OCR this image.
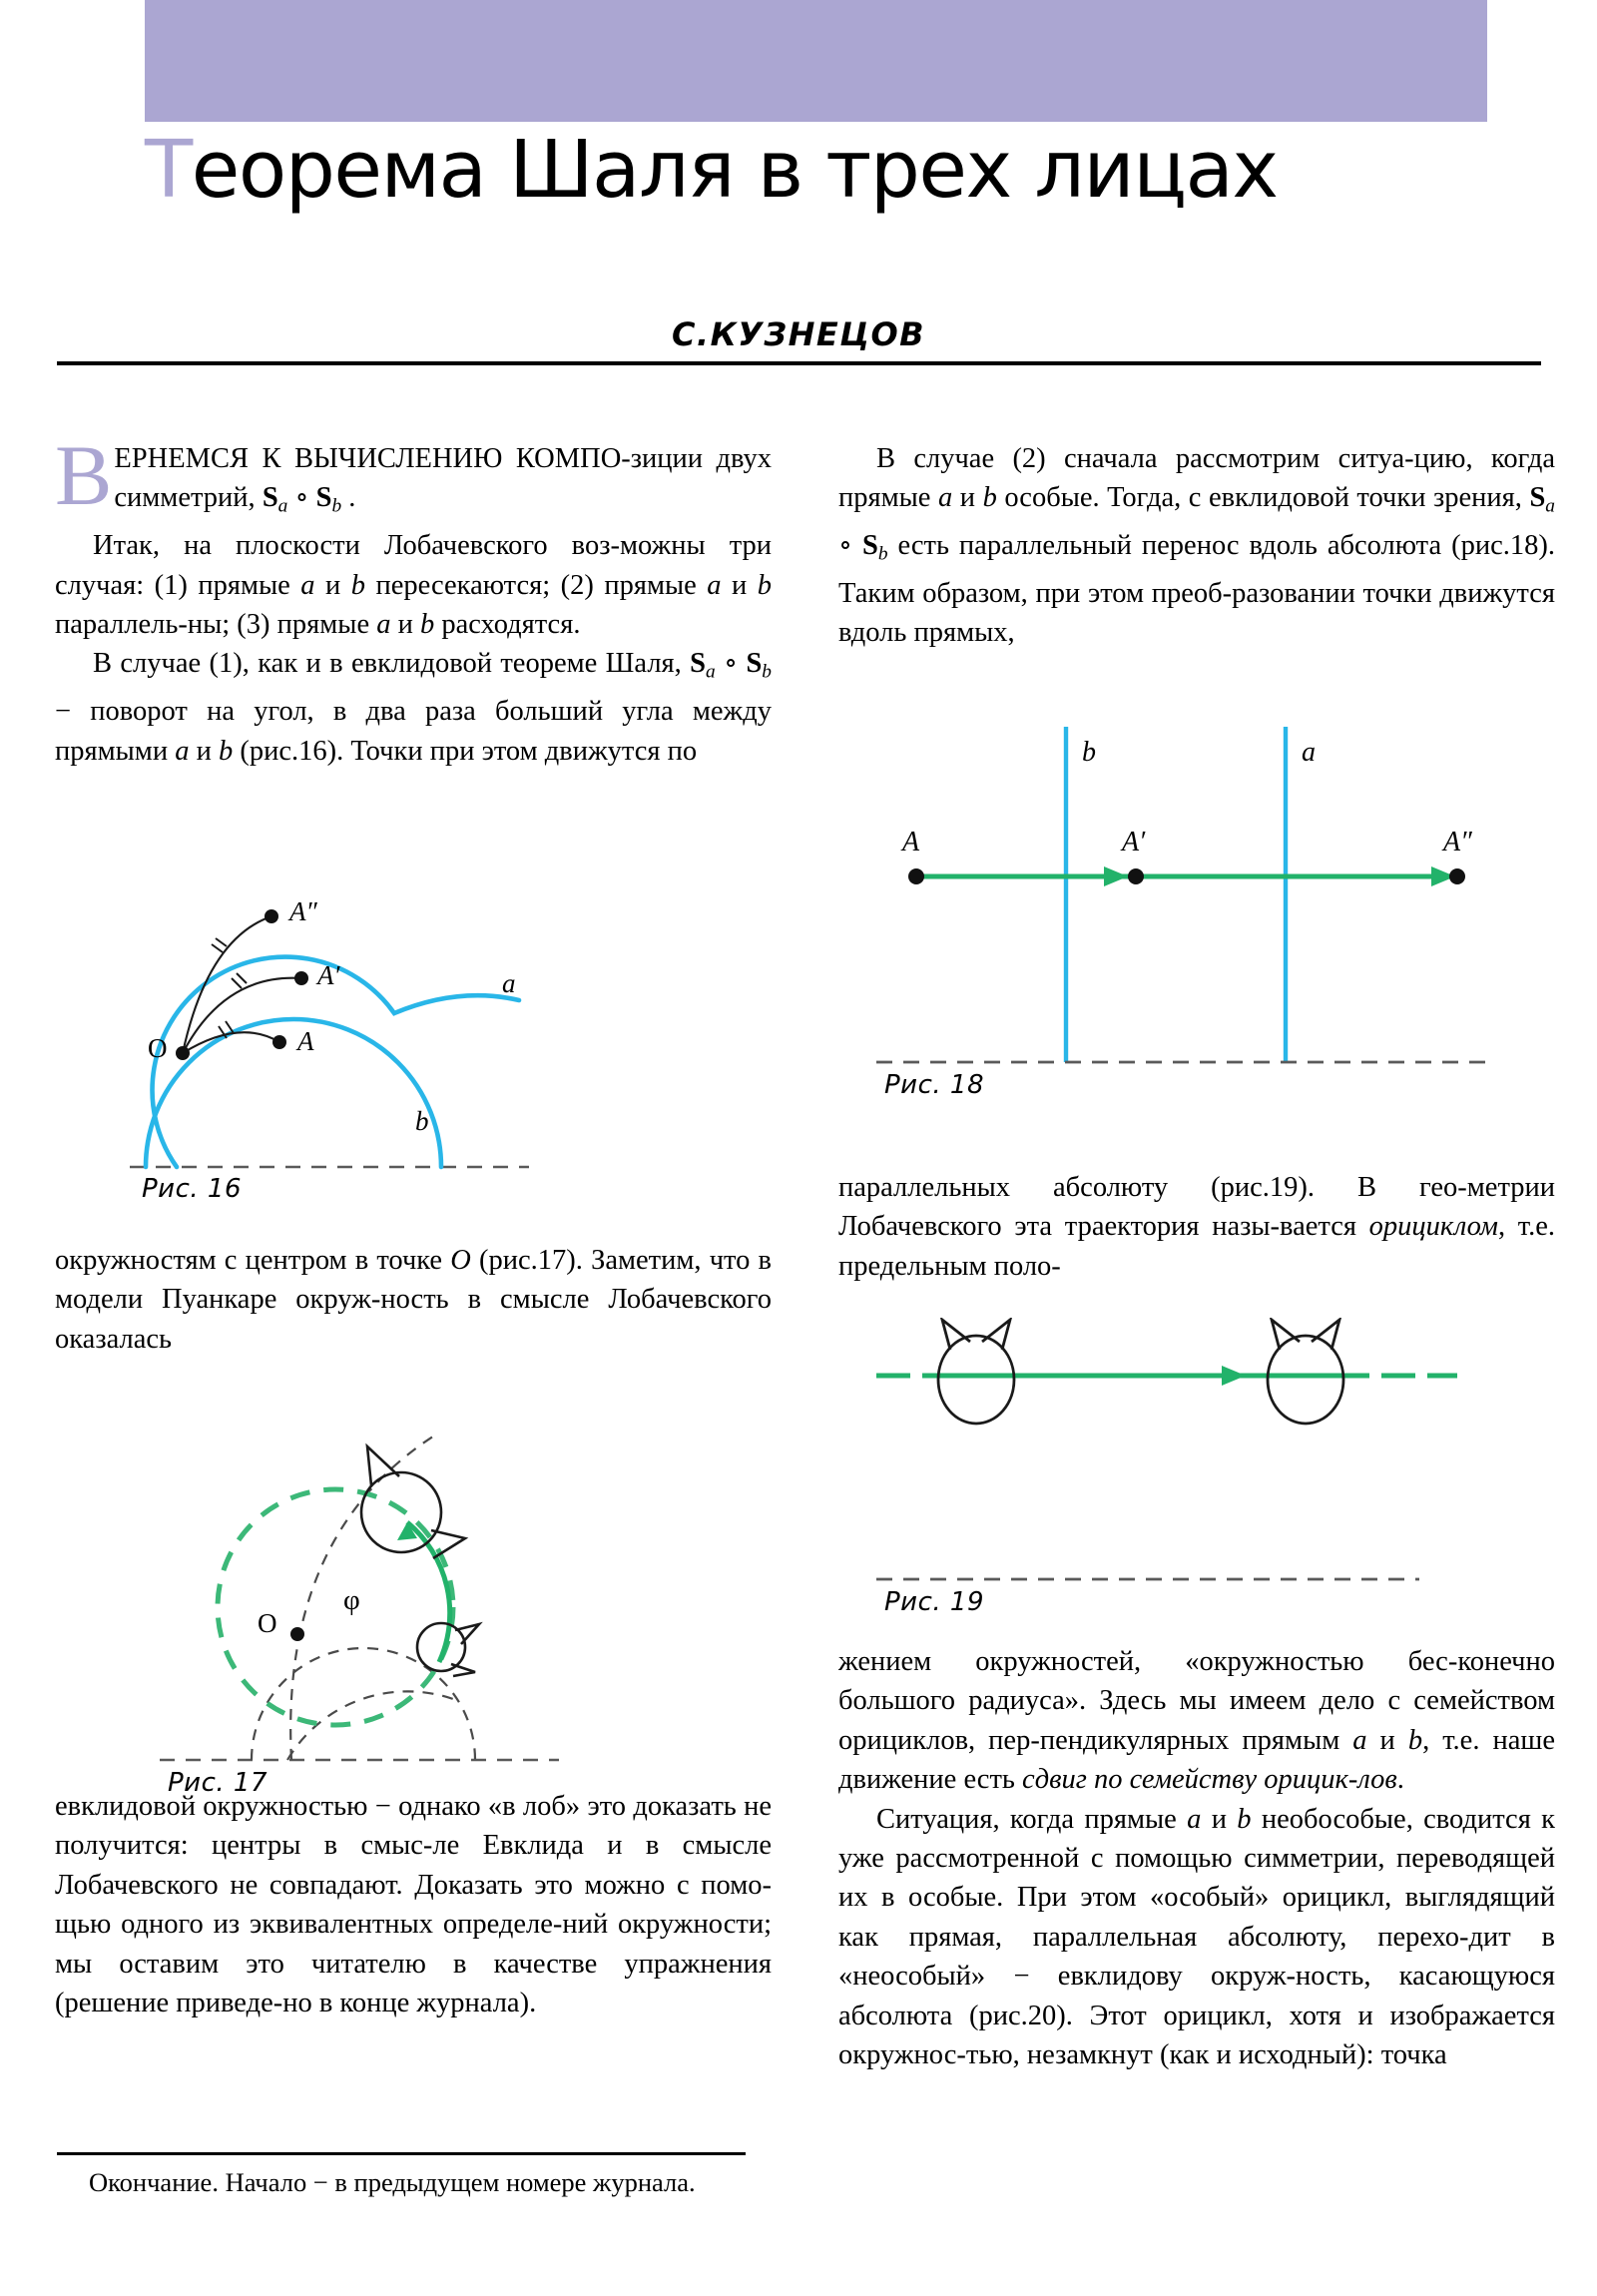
Теорема Шаля в трех лицах
С.КУЗНЕЦОВ

ВЕРНЕМСЯ К ВЫЧИСЛЕНИЮ КОМПО-зиции двух симметрий, $S_a$ ∘ $S_b$ .

Итак, на плоскости Лобачевского воз-можны три случая: (1) прямые a и b пересекаются; (2) прямые a и b параллель-ны; (3) прямые a и b расходятся.

В случае (1), как и в евклидовой теореме Шаля, $S_a$ ∘ $S_b$ − поворот на угол, в два раза больший угла между прямыми a и b (рис.16). Точки при этом движутся по

O	A
A′
A″
a
b
Рис. 16

окружностям с центром в точке O (рис.17). Заметим, что в модели Пуанкаре окруж-ность в смысле Лобачевского оказалась

O
φ
Рис. 17

евклидовой окружностью − однако «в лоб» это доказать не получится: центры в смыс-ле Евклида и в смысле Лобачевского не совпадают. Доказать это можно с помо-щью одного из эквивалентных определе-ний окружности; мы оставим это читателю в качестве упражнения (решение приведе-но в конце журнала).

Окончание. Начало − в предыдущем номере журнала.

В случае (2) сначала рассмотрим ситуа-цию, когда прямые a и b особые. Тогда, с евклидовой точки зрения, $S_a$ ∘ $S_b$ есть параллельный перенос вдоль абсолюта (рис.18). Таким образом, при этом преоб-разовании точки движутся вдоль прямых,

b	a
A	A′	A″
Рис. 18

параллельных абсолюту (рис.19). В гео-метрии Лобачевского эта траектория назы-вается орициклом, т.е. предельным поло-

Рис. 19

жением окружностей, «окружностью бес-конечно большого радиуса». Здесь мы имеем дело с семейством орициклов, пер-пендикулярных прямым a и b, т.е. наше движение есть сдвиг по семейству орицик-лов.

Ситуация, когда прямые a и b необособые, сводится к уже рассмотренной с помощью симметрии, переводящей их в особые. При этом «особый» орицикл, выглядящий как прямая, параллельная абсолюту, перехо-дит в «неособый» − евклидову окруж-ность, касающуюся абсолюта (рис.20). Этот орицикл, хотя и изображается окружнос-тью, незамкнут (как и исходный): точка
